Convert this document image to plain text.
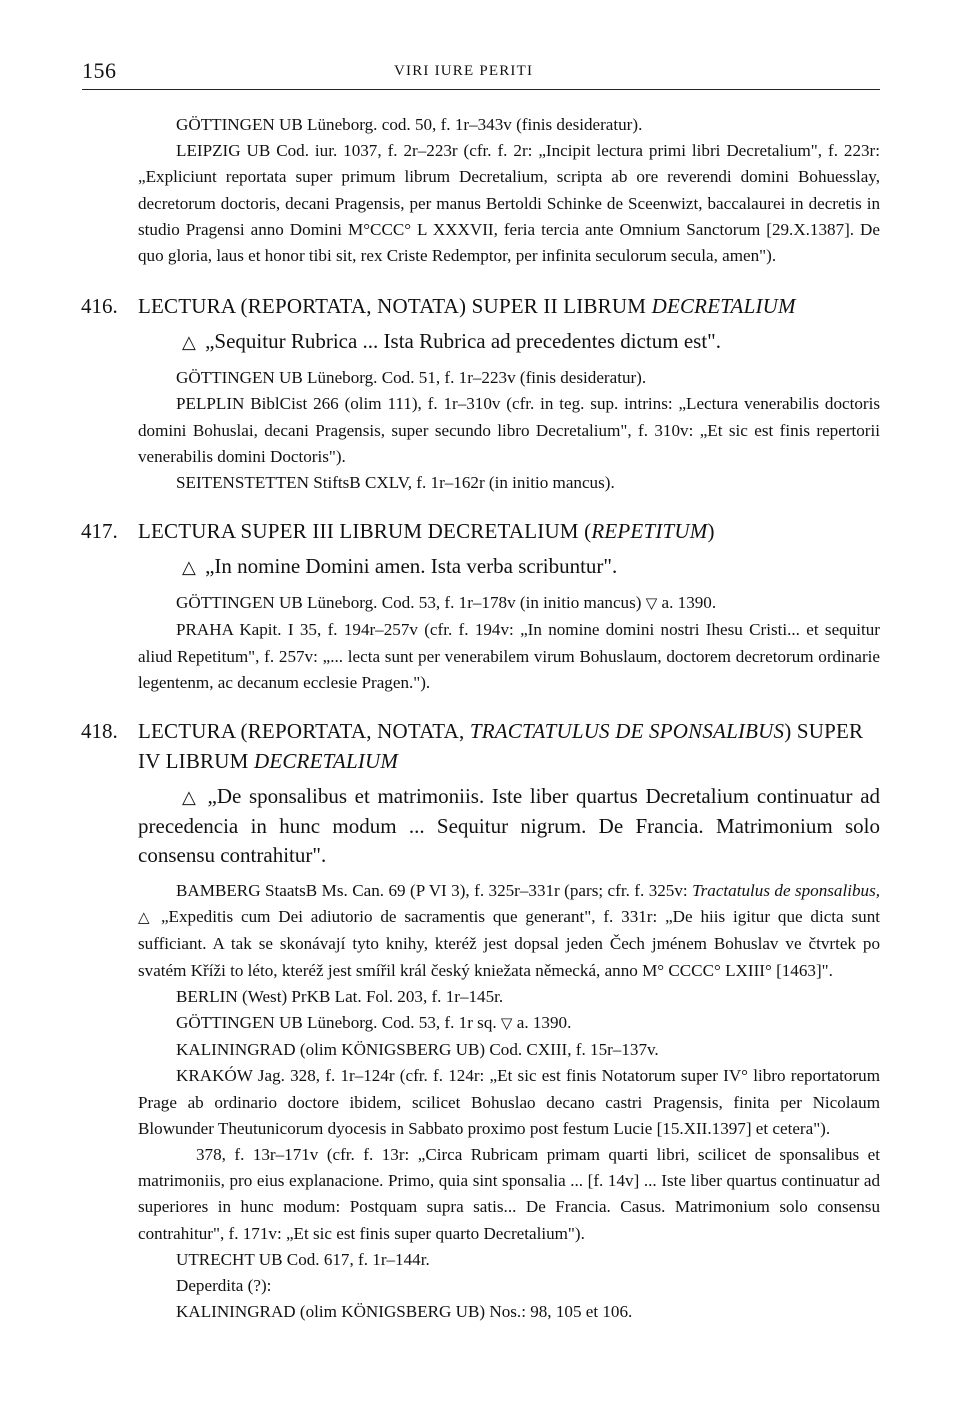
156	VIRI IURE PERITI

GÖTTINGEN UB Lüneborg. cod. 50, f. 1r–343v (finis desideratur).

LEIPZIG UB Cod. iur. 1037, f. 2r–223r (cfr. f. 2r: „Incipit lectura primi libri Decretalium", f. 223r: „Expliciunt reportata super primum librum Decretalium, scripta ab ore reverendi domini Bohuesslay, decretorum doctoris, decani Pragensis, per manus Bertoldi Schinke de Sceenwizt, baccalaurei in decretis in studio Pragensi anno Domini M°CCC° L XXXVII, feria tercia ante Omnium Sanctorum [29.X.1387]. De quo gloria, laus et honor tibi sit, rex Criste Redemptor, per infinita seculorum secula, amen").

416. LECTURA (REPORTATA, NOTATA) SUPER II LIBRUM DECRETALIUM

△ „Sequitur Rubrica ... Ista Rubrica ad precedentes dictum est".

GÖTTINGEN UB Lüneborg. Cod. 51, f. 1r–223v (finis desideratur).

PELPLIN BiblCist 266 (olim 111), f. 1r–310v (cfr. in teg. sup. intrins: „Lectura venerabilis doctoris domini Bohuslai, decani Pragensis, super secundo libro Decretalium", f. 310v: „Et sic est finis repertorii venerabilis domini Doctoris").

SEITENSTETTEN StiftsB CXLV, f. 1r–162r (in initio mancus).

417. LECTURA SUPER III LIBRUM DECRETALIUM (REPETITUM)

△ „In nomine Domini amen. Ista verba scribuntur".

GÖTTINGEN UB Lüneborg. Cod. 53, f. 1r–178v (in initio mancus) ▽ a. 1390.

PRAHA Kapit. I 35, f. 194r–257v (cfr. f. 194v: „In nomine domini nostri Ihesu Cristi... et sequitur aliud Repetitum", f. 257v: „... lecta sunt per venerabilem virum Bohuslaum, doctorem decretorum ordinarie legentenm, ac decanum ecclesie Pragen.").

418. LECTURA (REPORTATA, NOTATA, TRACTATULUS DE SPONSALIBUS) SUPER IV LIBRUM DECRETALIUM

△ „De sponsalibus et matrimoniis. Iste liber quartus Decretalium continuatur ad precedencia in hunc modum ... Sequitur nigrum. De Francia. Matrimonium solo consensu contrahitur".

BAMBERG StaatsB Ms. Can. 69 (P VI 3), f. 325r–331r (pars; cfr. f. 325v: Tractatulus de sponsalibus, △ „Expeditis cum Dei adiutorio de sacramentis que generant", f. 331r: „De hiis igitur que dicta sunt sufficiant. A tak se skonávají tyto knihy, kteréž jest dopsal jeden Čech jménem Bohuslav ve čtvrtek po svatém Kříži to léto, kteréž jest smířil král český kniežata německá, anno M° CCCC° LXIII° [1463]".

BERLIN (West) PrKB Lat. Fol. 203, f. 1r–145r.

GÖTTINGEN UB Lüneborg. Cod. 53, f. 1r sq. ▽ a. 1390.

KALININGRAD (olim KÖNIGSBERG UB) Cod. CXIII, f. 15r–137v.

KRAKÓW Jag. 328, f. 1r–124r (cfr. f. 124r: „Et sic est finis Notatorum super IV° libro reportatorum Prage ab ordinario doctore ibidem, scilicet Bohuslao decano castri Pragensis, finita per Nicolaum Blowunder Theutunicorum dyocesis in Sabbato proximo post festum Lucie [15.XII.1397] et cetera").

378, f. 13r–171v (cfr. f. 13r: „Circa Rubricam primam quarti libri, scilicet de sponsalibus et matrimoniis, pro eius explanacione. Primo, quia sint sponsalia ... [f. 14v] ... Iste liber quartus continuatur ad superiores in hunc modum: Postquam supra satis... De Francia. Casus. Matrimonium solo consensu contrahitur", f. 171v: „Et sic est finis super quarto Decretalium").

UTRECHT UB Cod. 617, f. 1r–144r.

Deperdita (?):

KALININGRAD (olim KÖNIGSBERG UB) Nos.: 98, 105 et 106.
